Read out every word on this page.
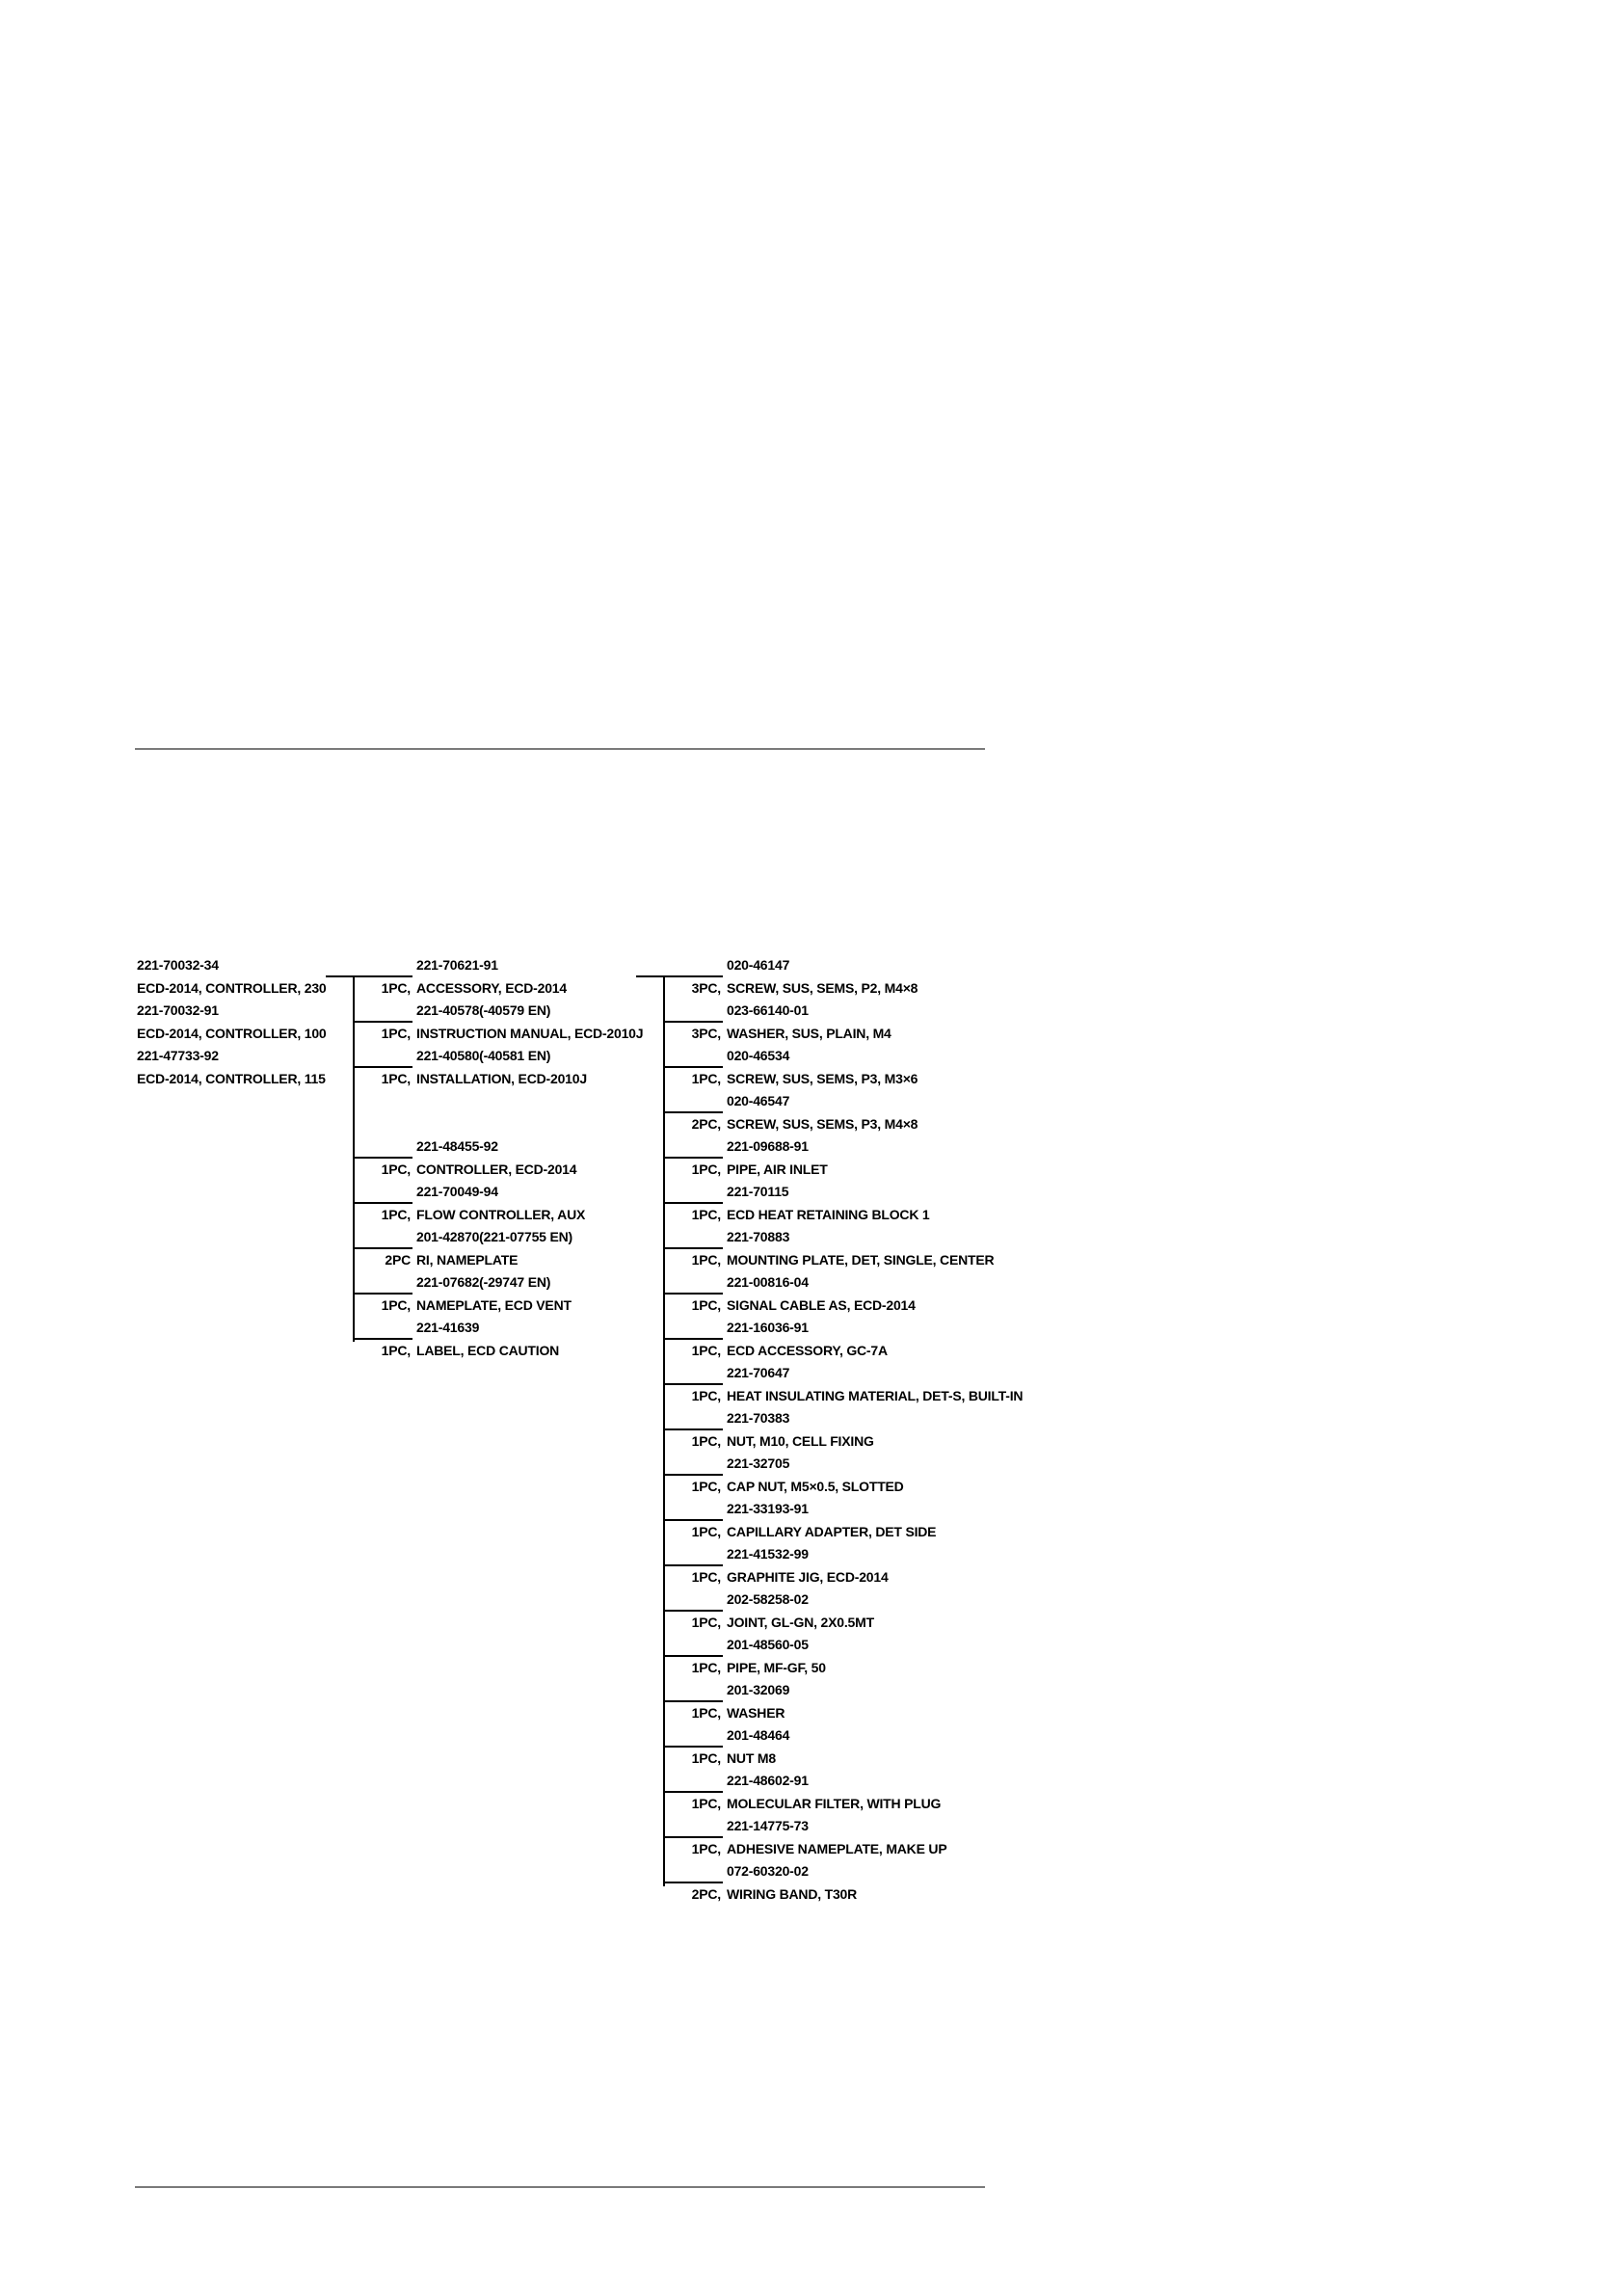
221-70032-34
ECD-2014, CONTROLLER, 230
221-70032-91
ECD-2014, CONTROLLER, 100
221-47733-92
ECD-2014, CONTROLLER, 115
221-70621-91
1PC, ACCESSORY, ECD-2014
221-40578(-40579 EN)
1PC, INSTRUCTION MANUAL, ECD-2010J
221-40580(-40581 EN)
1PC, INSTALLATION, ECD-2010J
221-48455-92
1PC, CONTROLLER, ECD-2014
221-70049-94
1PC, FLOW CONTROLLER, AUX
201-42870(221-07755 EN)
2PC RI, NAMEPLATE
221-07682(-29747 EN)
1PC, NAMEPLATE, ECD VENT
221-41639
1PC, LABEL, ECD CAUTION
020-46147
3PC, SCREW, SUS, SEMS, P2, M4×8
023-66140-01
3PC, WASHER, SUS, PLAIN, M4
020-46534
1PC, SCREW, SUS, SEMS, P3, M3×6
020-46547
2PC, SCREW, SUS, SEMS, P3, M4×8
221-09688-91
1PC, PIPE, AIR INLET
221-70115
1PC, ECD HEAT RETAINING BLOCK 1
221-70883
1PC, MOUNTING PLATE, DET, SINGLE, CENTER
221-00816-04
1PC, SIGNAL CABLE AS, ECD-2014
221-16036-91
1PC, ECD ACCESSORY, GC-7A
221-70647
1PC, HEAT INSULATING MATERIAL, DET-S, BUILT-IN
221-70383
1PC, NUT, M10, CELL FIXING
221-32705
1PC, CAP NUT, M5×0.5, SLOTTED
221-33193-91
1PC, CAPILLARY ADAPTER, DET SIDE
221-41532-99
1PC, GRAPHITE JIG, ECD-2014
202-58258-02
1PC, JOINT, GL-GN, 2X0.5MT
201-48560-05
1PC, PIPE, MF-GF, 50
201-32069
1PC, WASHER
201-48464
1PC, NUT M8
221-48602-91
1PC, MOLECULAR FILTER, WITH PLUG
221-14775-73
1PC, ADHESIVE NAMEPLATE, MAKE UP
072-60320-02
2PC, WIRING BAND, T30R
